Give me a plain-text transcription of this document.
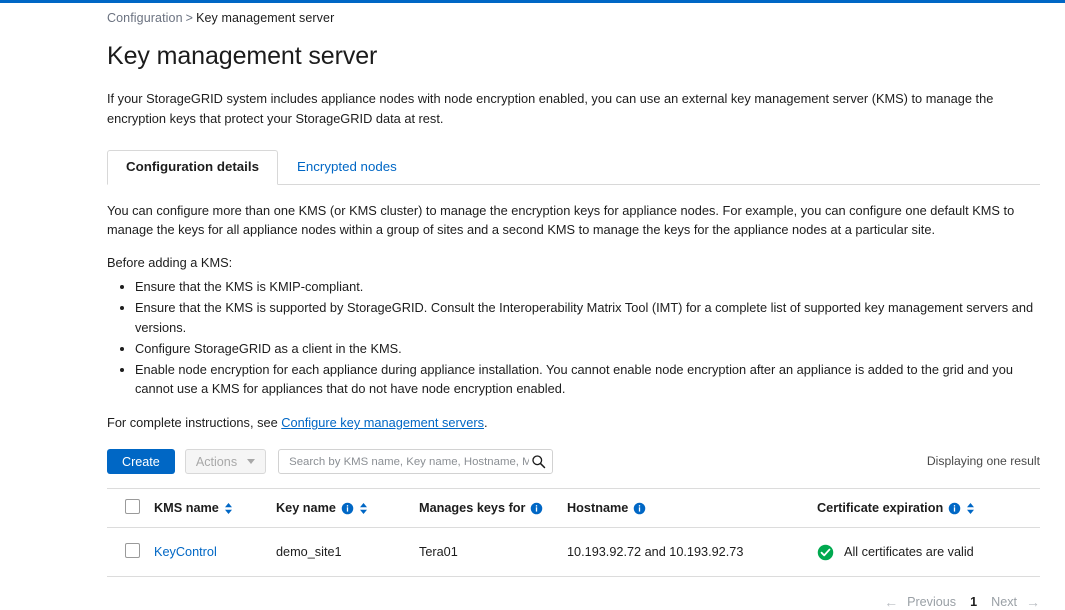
Configuration > Key management server
Key management server
If your StorageGRID system includes appliance nodes with node encryption enabled, you can use an external key management server (KMS) to manage the encryption keys that protect your StorageGRID data at rest.
Configuration details	Encrypted nodes
You can configure more than one KMS (or KMS cluster) to manage the encryption keys for appliance nodes. For example, you can configure one default KMS to manage the keys for all appliance nodes within a group of sites and a second KMS to manage the keys for the appliance nodes at a particular site.
Before adding a KMS:
• Ensure that the KMS is KMIP-compliant.
• Ensure that the KMS is supported by StorageGRID. Consult the Interoperability Matrix Tool (IMT) for a complete list of supported key management servers and versions.
• Configure StorageGRID as a client in the KMS.
• Enable node encryption for each appliance during appliance installation. You cannot enable node encryption after an appliance is added to the grid and you cannot use a KMS for appliances that do not have node encryption enabled.
For complete instructions, see Configure key management servers.
Create	Actions
Search by KMS name, Key name, Hostname, Manages keys for	Displaying one result

	KMS name	Key name	Manages keys for	Hostname	Certificate expiration

	KeyControl	demo_site1	Tera01	10.193.92.72 and 10.193.92.73	All certificates are valid
← Previous	1	Next →
